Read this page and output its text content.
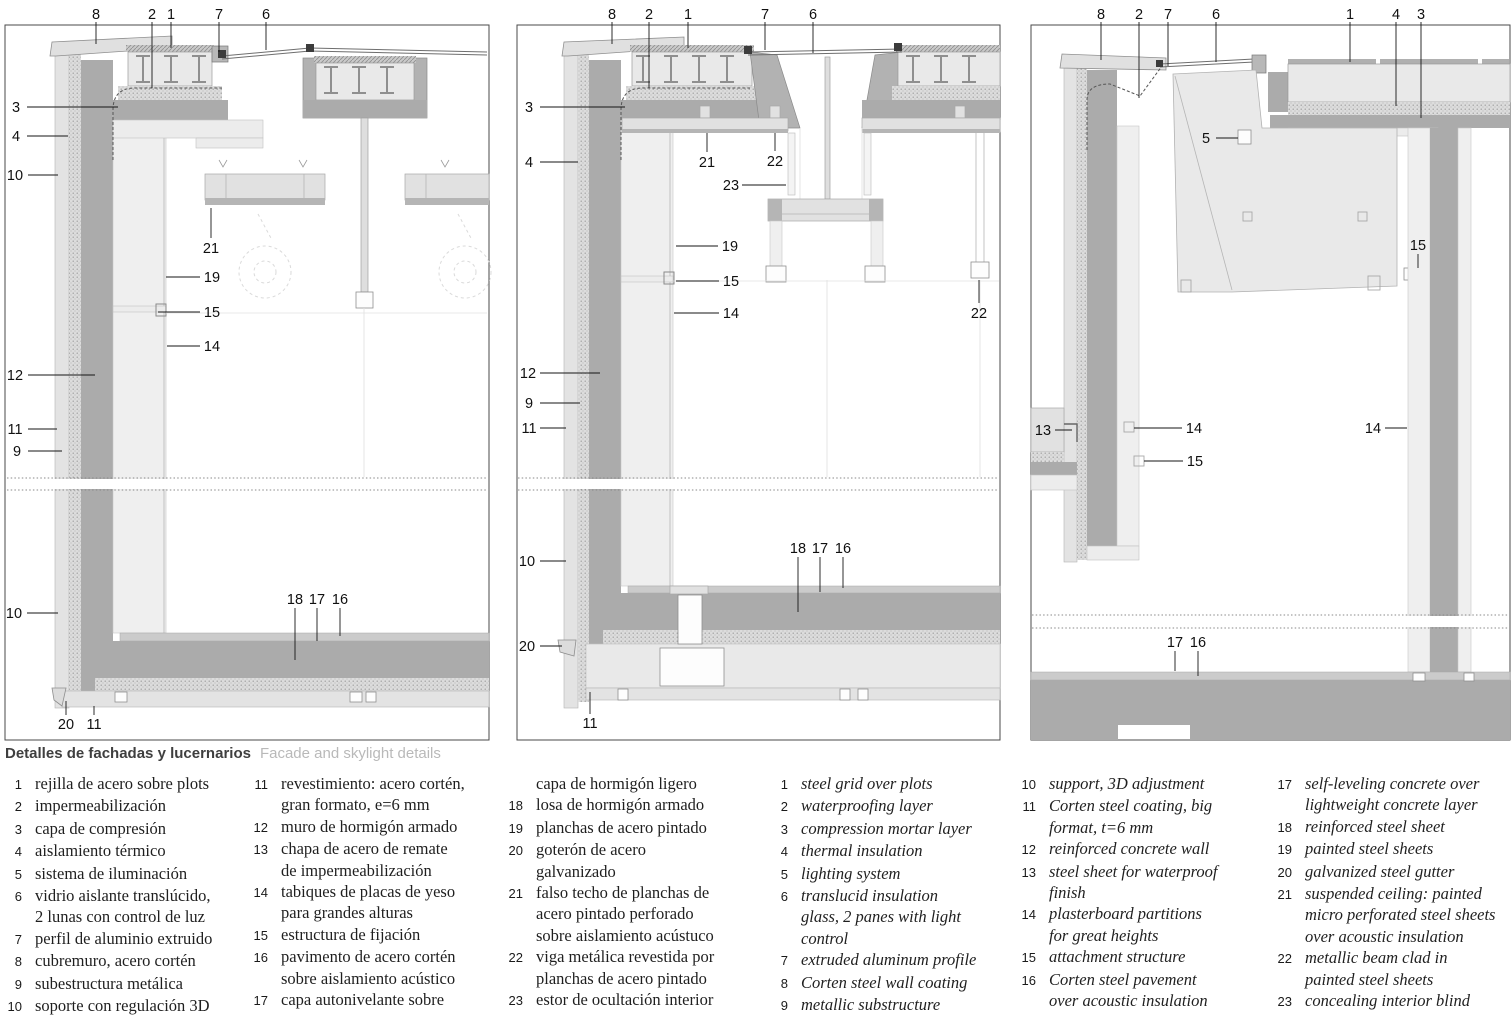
8	2 1	7	6
3
4
10
12
11
9
10
21
19
15
14
18 17 16
20 11
8 2 1	7	6
3
4	21	22
23
19
15
14	22
12
9
11
10
18 17 16
20
11
8 2 7	6	1	4 3
5
15
13	14
15
14
17 16
Detalles de fachadas y lucernarios Facade and skylight details
1 rejilla de acero sobre plots
2 impermeabilización
3 capa de compresión
4 aislamiento térmico
5 sistema de iluminación
6 vidrio aislante translúcido,
2 lunas con control de luz
7 perfil de aluminio extruido
8 cubremuro, acero cortén
9 subestructura metálica
10 soporte con regulación 3D
11 revestimiento: acero cortén,
gran formato, e=6 mm
12 muro de hormigón armado
13 chapa de acero de remate
de impermeabilización
14 tabiques de placas de yeso
para grandes alturas
15 estructura de fijación
16 pavimento de acero cortén
sobre aislamiento acústico
17 capa autonivelante sobre
capa de hormigón ligero
18 losa de hormigón armado
19 planchas de acero pintado
20 goterón de acero
galvanizado
21 falso techo de planchas de
acero pintado perforado
sobre aislamiento acústuco
22 viga metálica revestida por
planchas de acero pintado
23 estor de ocultación interior
1 steel grid over plots
2 waterproofing layer
3 compression mortar layer
4 thermal insulation
5 lighting system
6 translucid insulation
glass, 2 panes with light
control
7 extruded aluminum profile
8 Corten steel wall coating
9 metallic substructure
10 support, 3D adjustment
11 Corten steel coating, big
format, t=6 mm
12 reinforced concrete wall
13 steel sheet for waterproof
finish
14 plasterboard partitions
for great heights
15 attachment structure
16 Corten steel pavement
over acoustic insulation
17 self-leveling concrete over
lightweight concrete layer
18 reinforced steel sheet
19 painted steel sheets
20 galvanized steel gutter
21 suspended ceiling: painted
micro perforated steel sheets
over acoustic insulation
22 metallic beam clad in
painted steel sheets
23 concealing interior blind
